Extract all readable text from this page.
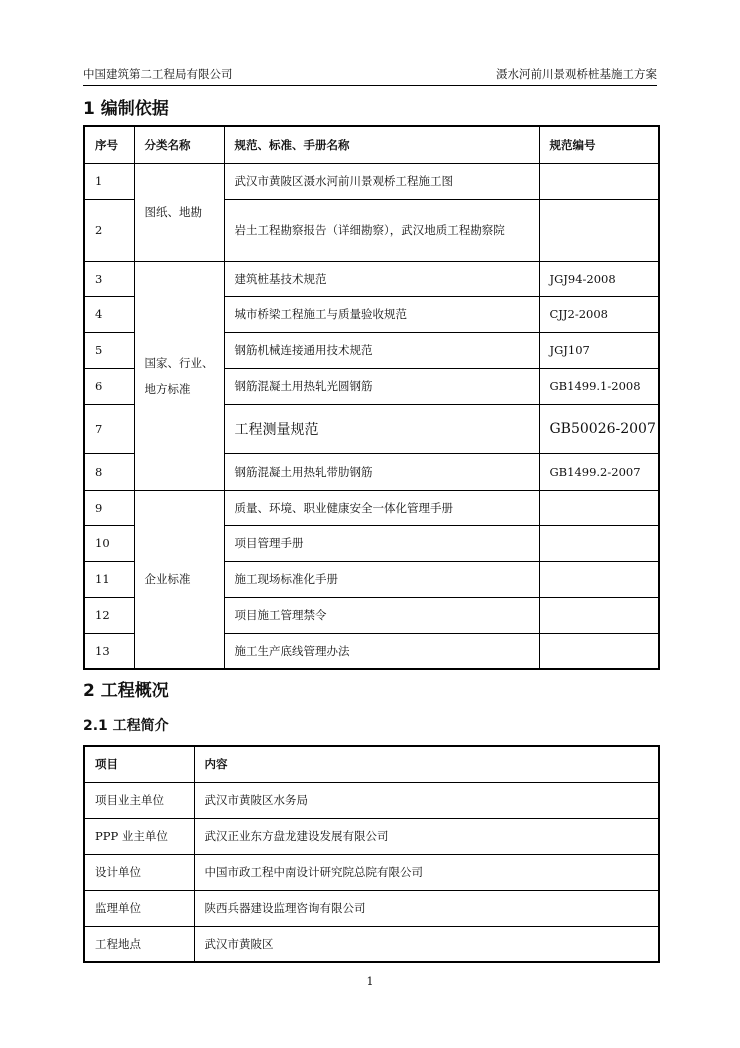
中国建筑第二工程局有限公司	滠水河前川景观桥桩基施工方案
1 编制依据
序号	分类名称	规范、标准、手册名称	规范编号
1	图纸、地勘	武汉市黄陂区滠水河前川景观桥工程施工图	
2		岩土工程勘察报告（详细勘察），武汉地质工程勘察院	
3	国家、行业、地方标准	建筑桩基技术规范	JGJ94-2008
4		城市桥梁工程施工与质量验收规范	CJJ2-2008
5		钢筋机械连接通用技术规范	JGJ107
6		钢筋混凝土用热轧光圆钢筋	GB1499.1-2008
7		工程测量规范	GB50026-2007
8		钢筋混凝土用热轧带肋钢筋	GB1499.2-2007
9	企业标准	质量、环境、职业健康安全一体化管理手册	
10		项目管理手册	
11		施工现场标准化手册	
12		项目施工管理禁令	
13		施工生产底线管理办法	
2 工程概况
2.1 工程简介
项目	内容
项目业主单位	武汉市黄陂区水务局
PPP 业主单位	武汉正业东方盘龙建设发展有限公司
设计单位	中国市政工程中南设计研究院总院有限公司
监理单位	陕西兵器建设监理咨询有限公司
工程地点	武汉市黄陂区
1
